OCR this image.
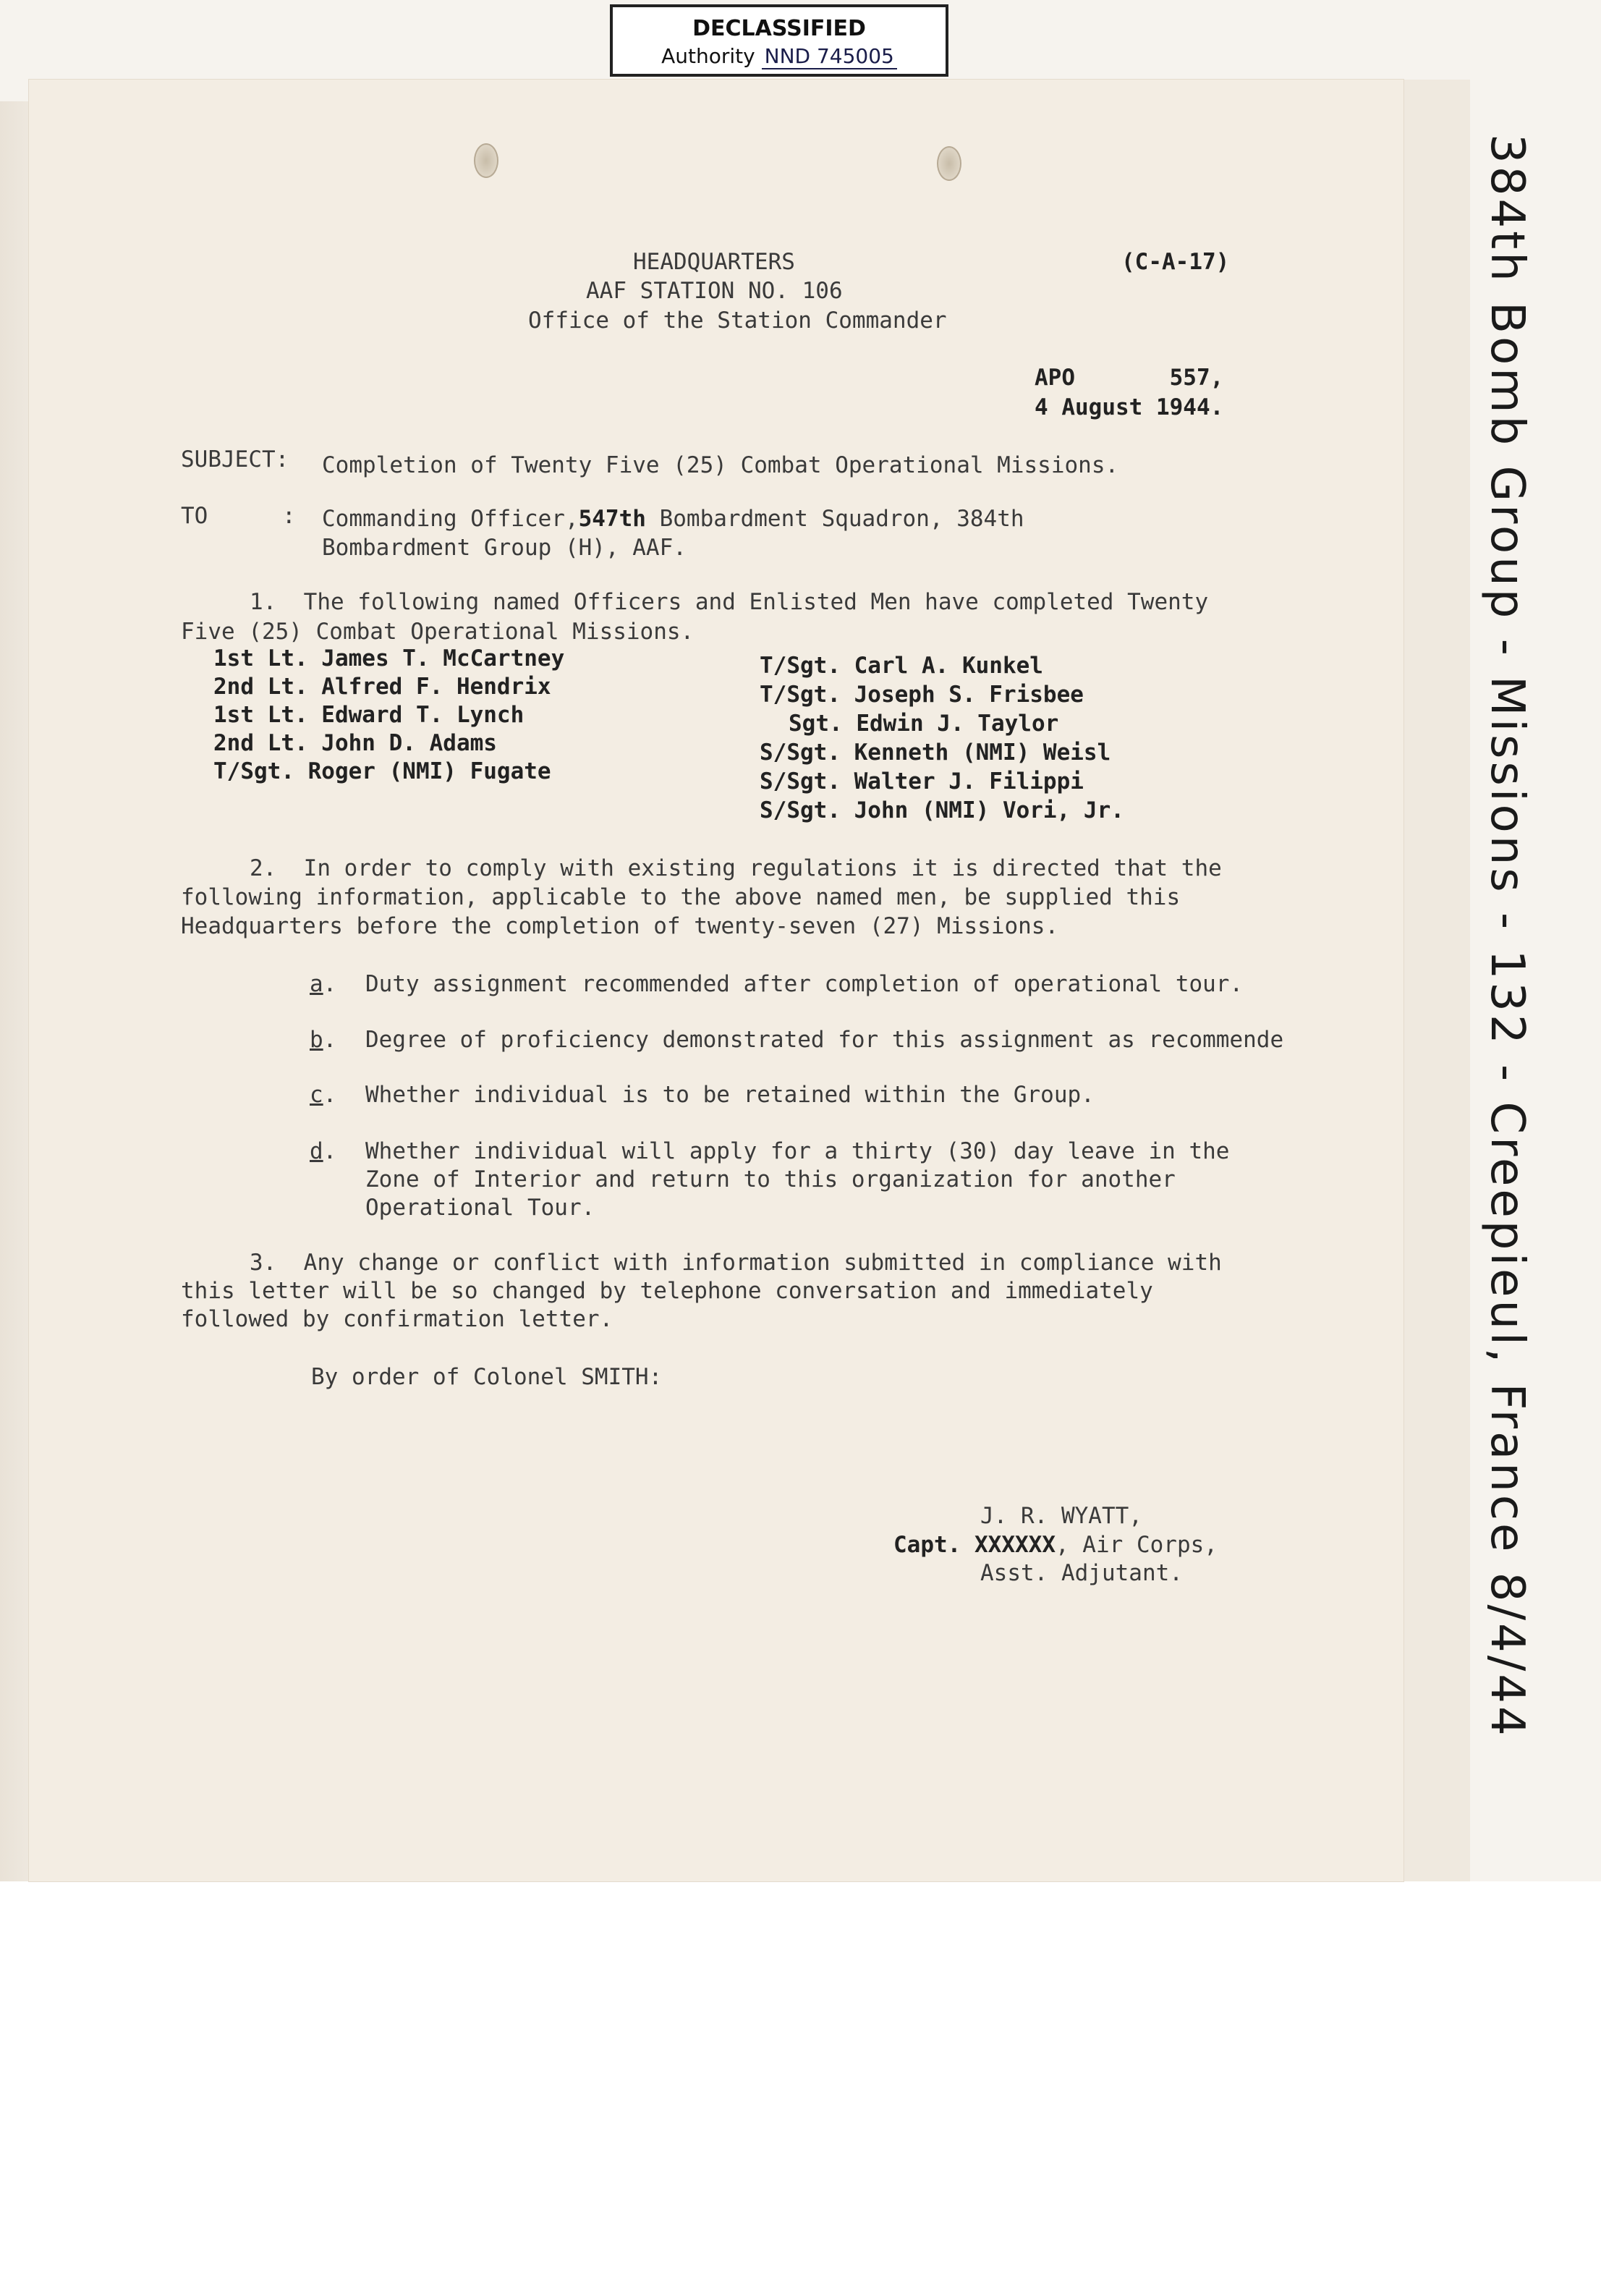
DECLASSIFIED
Authority NND 745005
HEADQUARTERS
AAF STATION NO. 106
Office of the Station Commander
(C-A-17)
APO       557,
4 August 1944.
SUBJECT: Completion of Twenty Five (25) Combat Operational Missions.
TO	: Commanding Officer,547th Bombardment Squadron, 384th
Bombardment Group (H), AAF.
1.  The following named Officers and Enlisted Men have completed Twenty
Five (25) Combat Operational Missions.
1st Lt. James T. McCartney
2nd Lt. Alfred F. Hendrix
1st Lt. Edward T. Lynch
2nd Lt. John D. Adams
T/Sgt. Roger (NMI) Fugate
T/Sgt. Carl A. Kunkel
T/Sgt. Joseph S. Frisbee
Sgt. Edwin J. Taylor
S/Sgt. Kenneth (NMI) Weisl
S/Sgt. Walter J. Filippi
S/Sgt. John (NMI) Vori, Jr.
2.  In order to comply with existing regulations it is directed that the
following information, applicable to the above named men, be supplied this
Headquarters before the completion of twenty-seven (27) Missions.
a. Duty assignment recommended after completion of operational tour.
b. Degree of proficiency demonstrated for this assignment as recommende
c. Whether individual is to be retained within the Group.
d. Whether individual will apply for a thirty (30) day leave in the
Zone of Interior and return to this organization for another
Operational Tour.
3.  Any change or conflict with information submitted in compliance with
this letter will be so changed by telephone conversation and immediately
followed by confirmation letter.
By order of Colonel SMITH:
J. R. WYATT,
Capt. XXXXXX, Air Corps,
Asst. Adjutant.	384th Bomb Group - Missions - 132 - Creepieul, France 8/4/44
